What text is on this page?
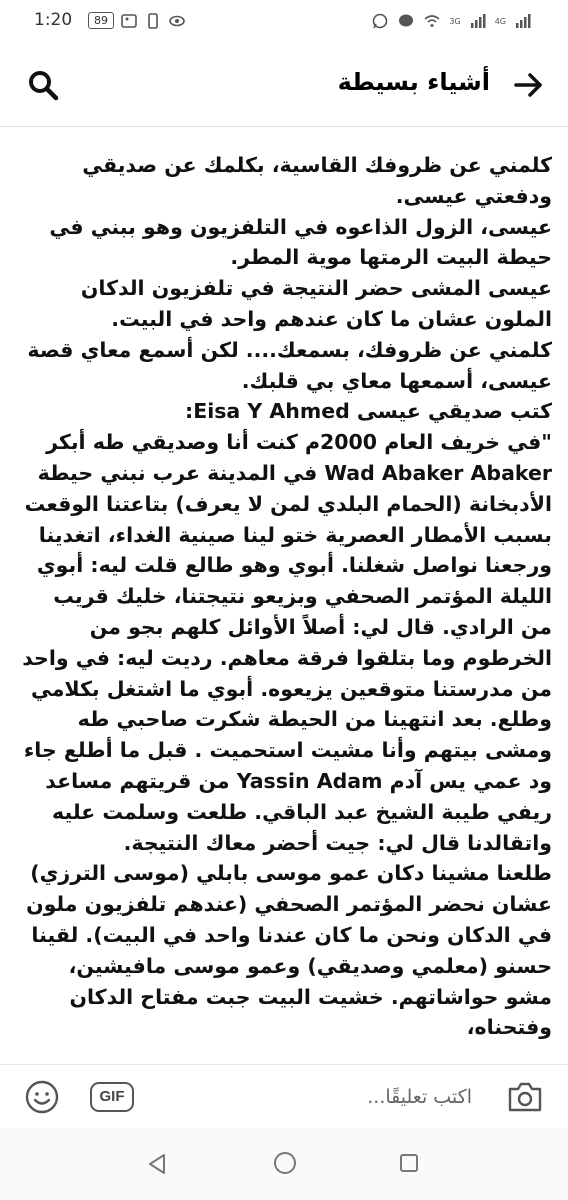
1:20	89	3G	4G
أشياء بسيطة

كلمني عن ظروفك القاسية، بكلمك عن صديقي ودفعتي عيسى.
عيسى، الزول الذاعوه في التلفزيون وهو ببني في حيطة البيت الرمتها موية المطر.
عيسى المشى حضر النتيجة في تلفزيون الدكان الملون عشان ما كان عندهم واحد في البيت.
كلمني عن ظروفك، بسمعك.... لكن أسمع معاي قصة عيسى، أسمعها معاي بي قلبك.
كتب صديقي عيسى Eisa Y Ahmed:
"في خريف العام 2000م كنت أنا وصديقي طه أبكر Wad Abaker Abaker في المدينة عرب نبني حيطة الأدبخانة (الحمام البلدي لمن لا يعرف) بتاعتنا الوقعت بسبب الأمطار العصرية ختو لينا صينية الغداء، اتغدينا ورجعنا نواصل شغلنا. أبوي وهو طالع قلت ليه: أبوي الليلة المؤتمر الصحفي وبزيعو نتيجتنا، خليك قريب من الرادي. قال لي: أصلاً الأوائل كلهم بجو من الخرطوم وما بتلقوا فرقة معاهم. رديت ليه: في واحد من مدرستنا متوقعين يزيعوه. أبوي ما اشتغل بكلامي وطلع. بعد انتهينا من الحيطة شكرت صاحبي طه ومشى بيتهم وأنا مشيت استحميت . قبل ما أطلع جاء ود عمي يس آدم Yassin Adam من قريتهم مساعد ريفي طيبة الشيخ عبد الباقي. طلعت وسلمت عليه واتقالدنا قال لي: جيت أحضر معاك النتيجة.
طلعنا مشينا دكان عمو موسى بابلي (موسى الترزي) عشان نحضر المؤتمر الصحفي (عندهم تلفزيون ملون في الدكان ونحن ما كان عندنا واحد في البيت). لقينا حسنو (معلمي وصديقي) وعمو موسى مافيشين، مشو حواشاتهم. خشيت البيت جبت مفتاح الدكان وفتحناه،

GIF
اكتب تعليقًا...
